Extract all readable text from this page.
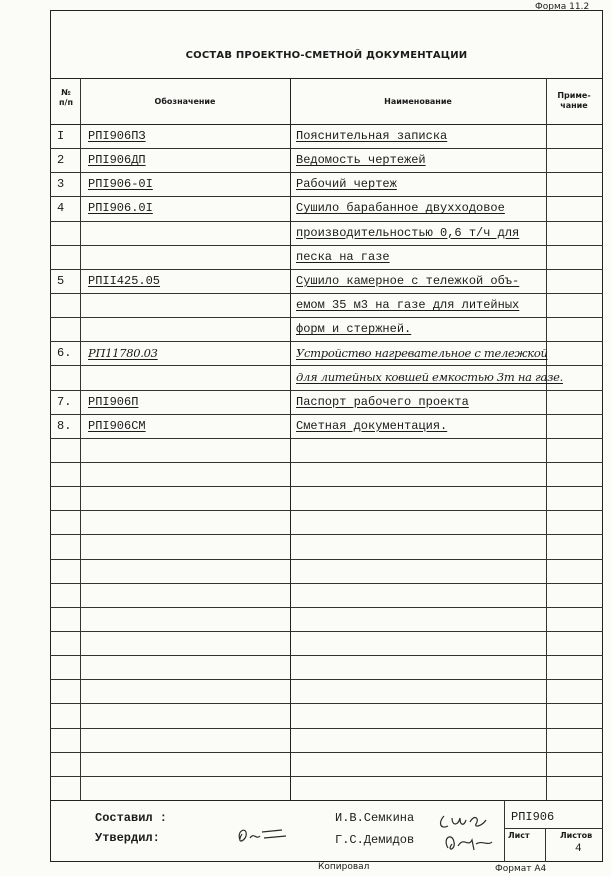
Форма 11.2
СОСТАВ ПРОЕКТНО-СМЕТНОЙ ДОКУМЕНТАЦИИ
№
п/п	Обозначение	Наименование
Приме-
чание
I РПI906ПЗ	Пояснительная записка
2 РПI906ДП	Ведомость чертежей
3 РПI906-0I	Рабочий чертеж
4 РПI906.0I	Сушило барабанное двухходовое
производительностью 0,6 т/ч для
песка на газе
5 РПII425.05	Сушило камерное с тележкой объ-
емом 35 м3 на газе для литейных
форм и стержней.
6. РП11780.03	Устройство нагревательное с тележкой
для литейных ковшей емкостью 3т на газе.
7. РПI906П	Паспорт рабочего проекта
8. РПI906СМ	Сметная документация.
Составил :
Утвердил:
И.В.Семкина
Г.С.Демидов
РПI906
Лист	Листов
4
Копировал	Формат А4
